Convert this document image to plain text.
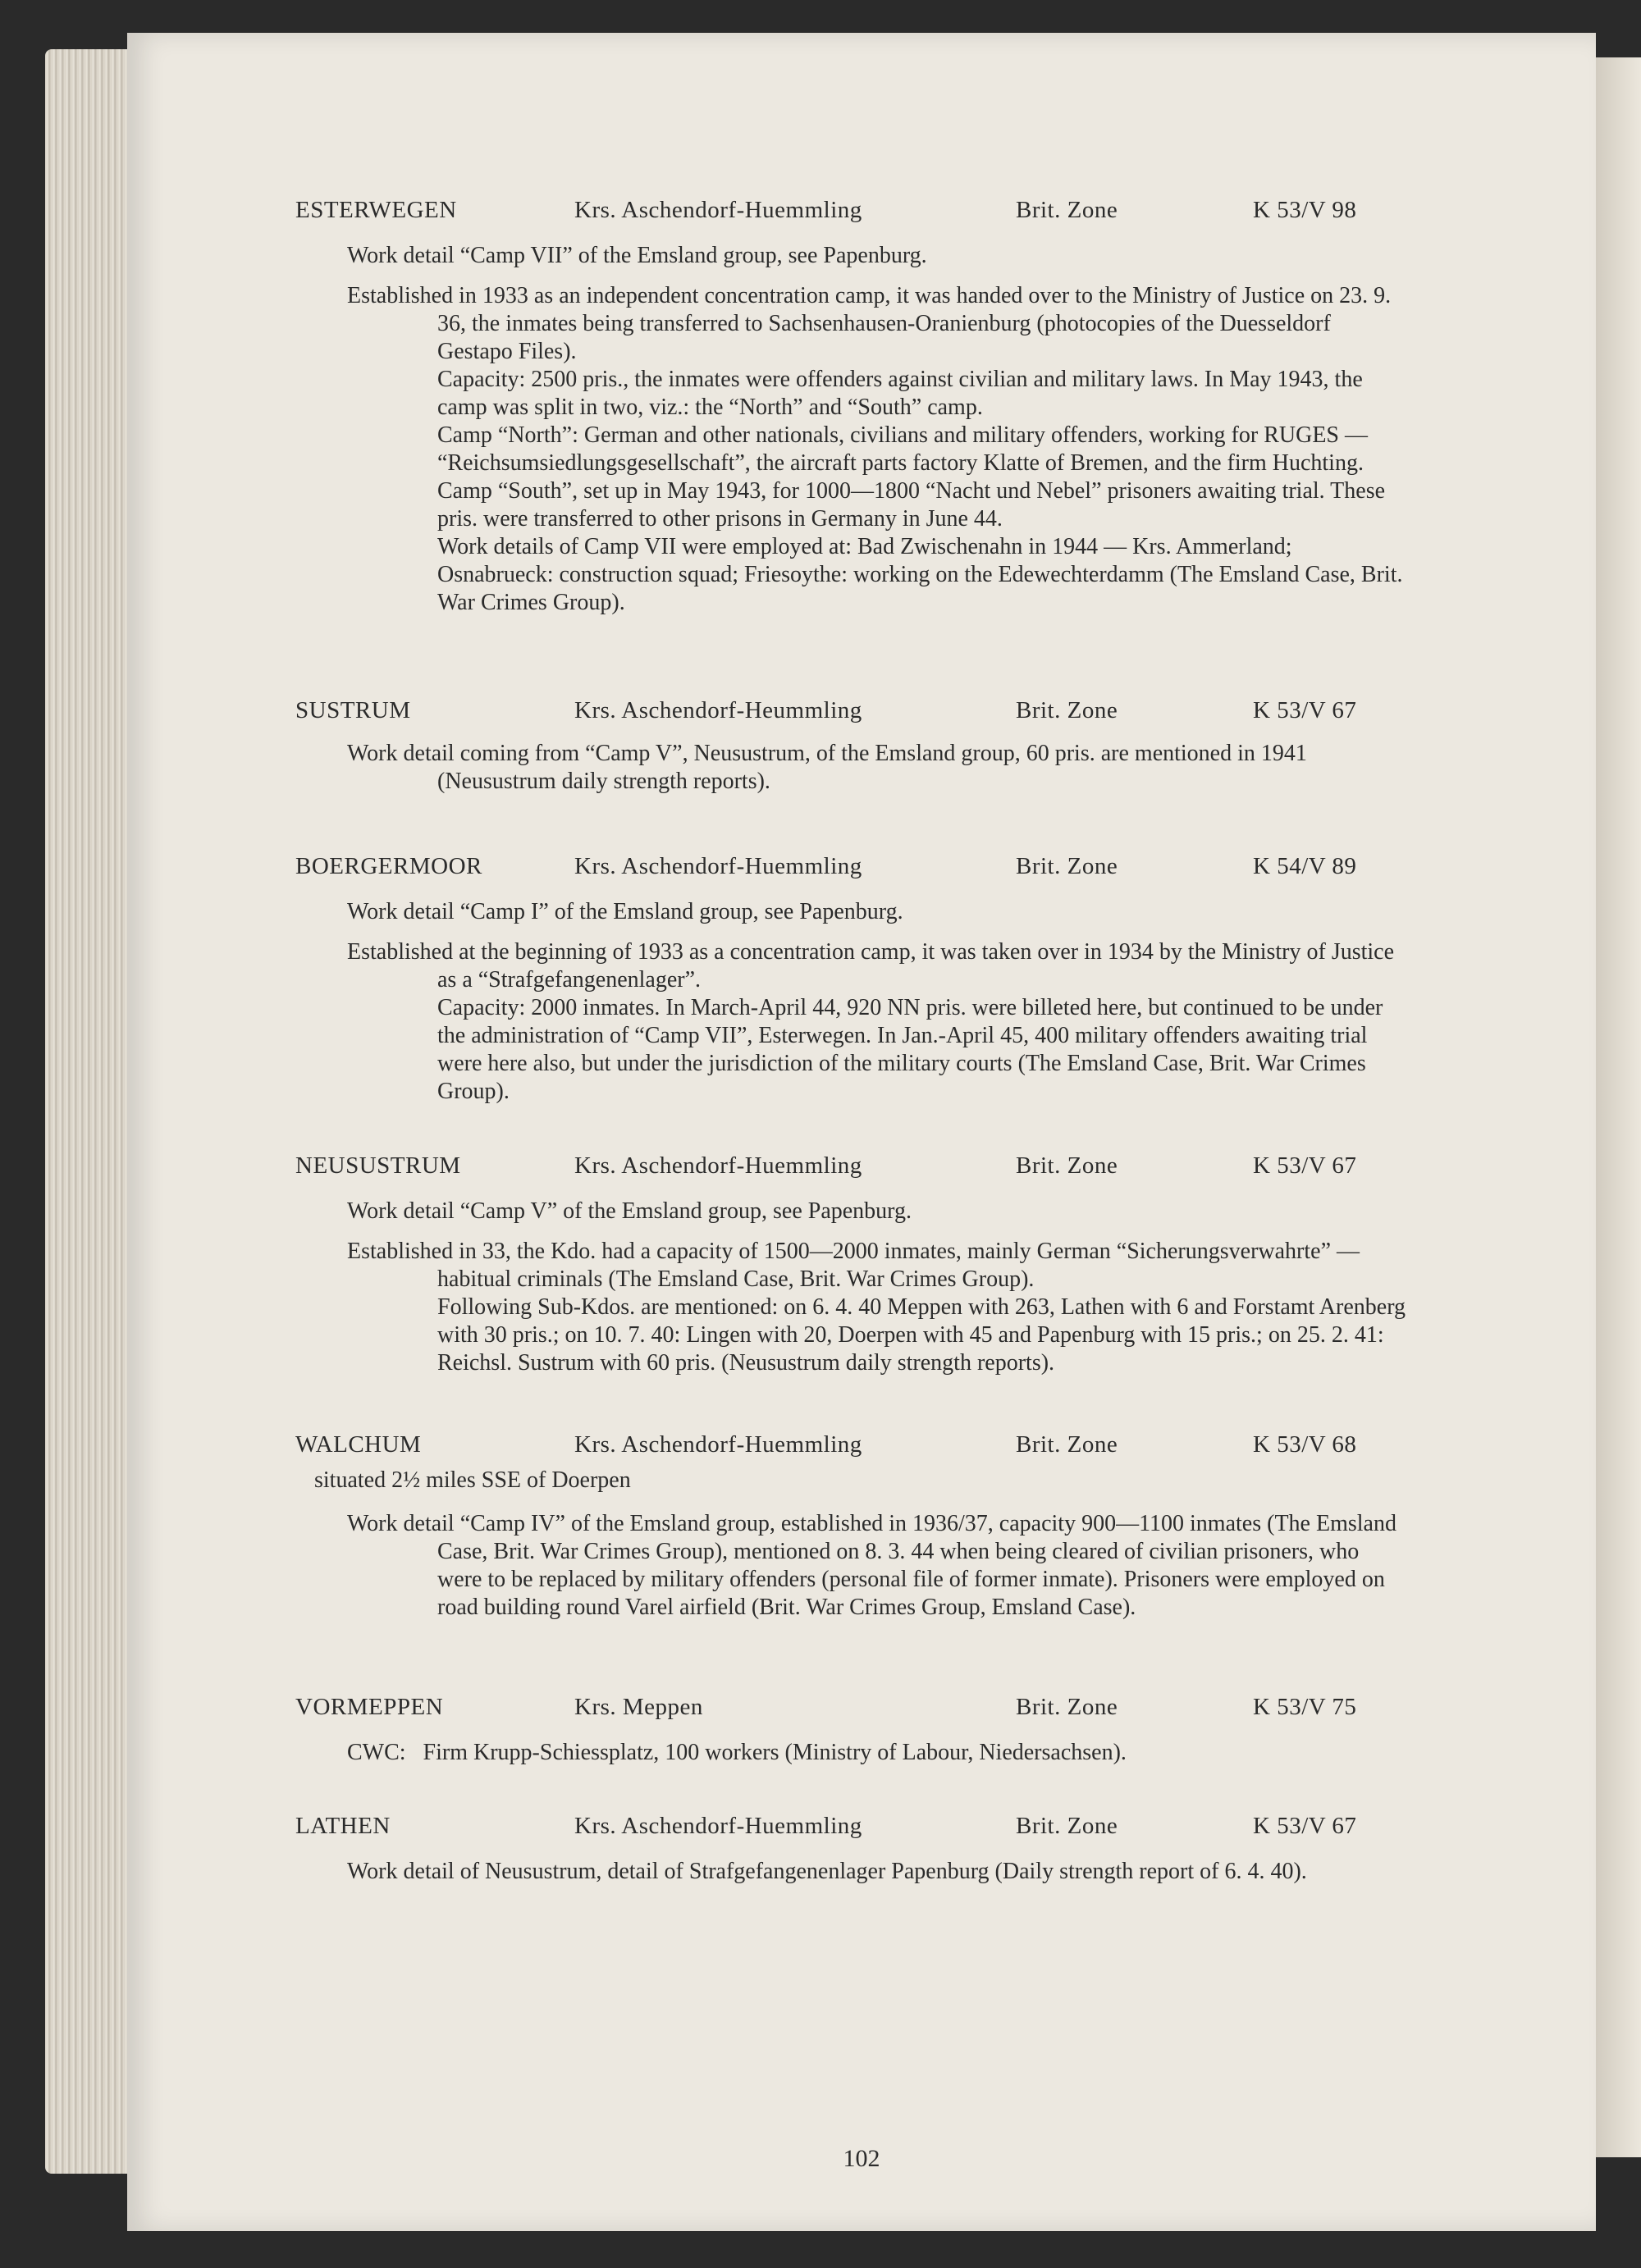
ESTERWEGEN	Krs. Aschendorf-Huemmling	Brit. Zone	K 53/V 98
Work detail “Camp VII” of the Emsland group, see Papenburg.

Established in 1933 as an independent concentration camp, it was handed over to the Ministry of Justice on 23. 9. 36, the inmates being transferred to Sachsenhausen-Oranienburg (photocopies of the Duesseldorf Gestapo Files).

Capacity: 2500 pris., the inmates were offenders against civilian and military laws. In May 1943, the camp was split in two, viz.: the “North” and “South” camp.

Camp “North”: German and other nationals, civilians and military offenders, working for RUGES — “Reichsumsiedlungsgesellschaft”, the aircraft parts factory Klatte of Bremen, and the firm Huchting.

Camp “South”, set up in May 1943, for 1000—1800 “Nacht und Nebel” prisoners awaiting trial. These pris. were transferred to other prisons in Germany in June 44.

Work details of Camp VII were employed at: Bad Zwischenahn in 1944 — Krs. Ammerland; Osnabrueck: construction squad; Friesoythe: working on the Edewechterdamm (The Emsland Case, Brit. War Crimes Group).

SUSTRUM	Krs. Aschendorf-Heummling	Brit. Zone	K 53/V 67

Work detail coming from “Camp V”, Neusustrum, of the Emsland group, 60 pris. are mentioned in 1941 (Neusustrum daily strength reports).

BOERGERMOOR	Krs. Aschendorf-Huemmling	Brit. Zone	K 54/V 89
Work detail “Camp I” of the Emsland group, see Papenburg.

Established at the beginning of 1933 as a concentration camp, it was taken over in 1934 by the Ministry of Justice as a “Strafgefangenenlager”.

Capacity: 2000 inmates. In March-April 44, 920 NN pris. were billeted here, but continued to be under the administration of “Camp VII”, Esterwegen. In Jan.-April 45, 400 military offenders awaiting trial were here also, but under the jurisdiction of the military courts (The Emsland Case, Brit. War Crimes Group).

NEUSUSTRUM	Krs. Aschendorf-Huemmling	Brit. Zone	K 53/V 67
Work detail “Camp V” of the Emsland group, see Papenburg.

Established in 33, the Kdo. had a capacity of 1500—2000 inmates, mainly German “Sicherungsverwahrte” — habitual criminals (The Emsland Case, Brit. War Crimes Group).

Following Sub-Kdos. are mentioned: on 6. 4. 40 Meppen with 263, Lathen with 6 and Forstamt Arenberg with 30 pris.; on 10. 7. 40: Lingen with 20, Doerpen with 45 and Papenburg with 15 pris.; on 25. 2. 41: Reichsl. Sustrum with 60 pris. (Neusustrum daily strength reports).

WALCHUM	Krs. Aschendorf-Huemmling	Brit. Zone	K 53/V 68
situated 2½ miles SSE of Doerpen

Work detail “Camp IV” of the Emsland group, established in 1936/37, capacity 900—1100 inmates (The Emsland Case, Brit. War Crimes Group), mentioned on 8. 3. 44 when being cleared of civilian prisoners, who were to be replaced by military offenders (personal file of former inmate). Prisoners were employed on road building round Varel airfield (Brit. War Crimes Group, Emsland Case).

VORMEPPEN	Krs. Meppen	Brit. Zone	K 53/V 75
CWC:   Firm Krupp-Schiessplatz, 100 workers (Ministry of Labour, Niedersachsen).
LATHEN	Krs. Aschendorf-Huemmling	Brit. Zone	K 53/V 67
Work detail of Neusustrum, detail of Strafgefangenenlager Papenburg (Daily strength report of 6. 4. 40).
102
